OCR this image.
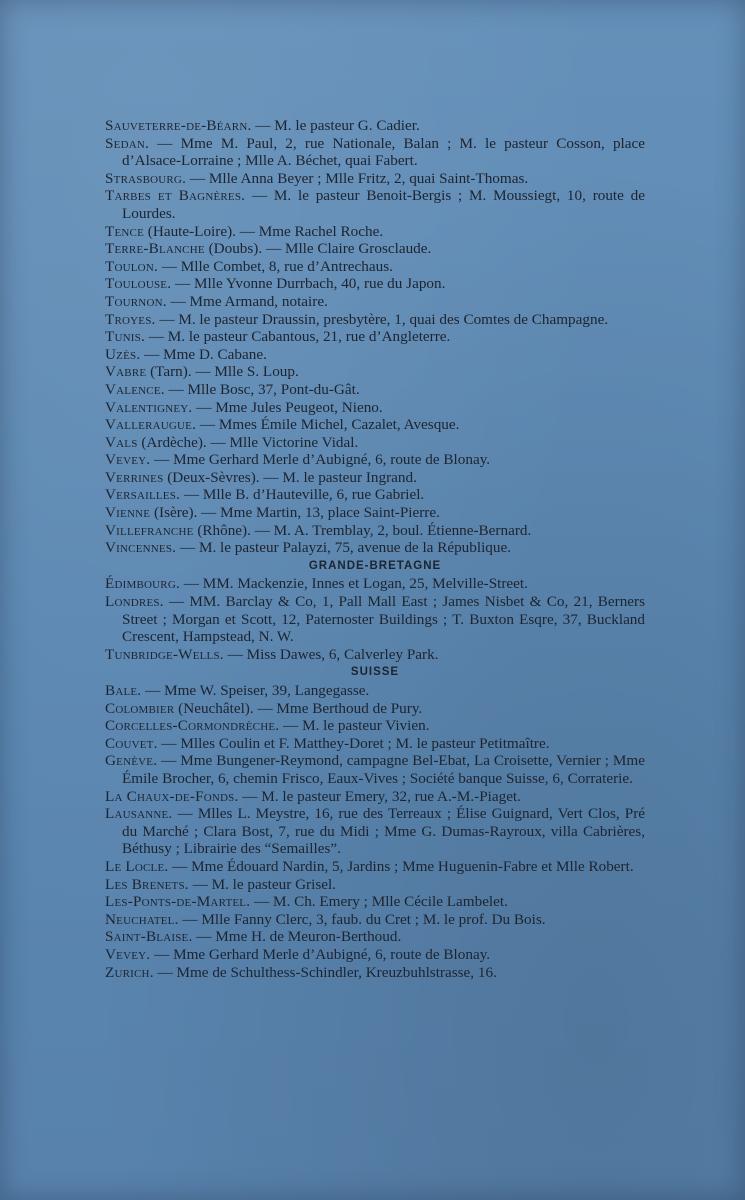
Sauveterre-de-Béarn. — M. le pasteur G. Cadier.
Sedan. — Mme M. Paul, 2, rue Nationale, Balan ; M. le pasteur Cosson, place d’Alsace-Lorraine ; Mlle A. Béchet, quai Fabert.
Strasbourg. — Mlle Anna Beyer ; Mlle Fritz, 2, quai Saint-Thomas.
Tarbes et Bagnères. — M. le pasteur Benoit-Bergis ; M. Moussiegt, 10, route de Lourdes.
Tence (Haute-Loire). — Mme Rachel Roche.
Terre-Blanche (Doubs). — Mlle Claire Grosclaude.
Toulon. — Mlle Combet, 8, rue d’Antrechaus.
Toulouse. — Mlle Yvonne Durrbach, 40, rue du Japon.
Tournon. — Mme Armand, notaire.
Troyes. — M. le pasteur Draussin, presbytère, 1, quai des Comtes de Champagne.
Tunis. — M. le pasteur Cabantous, 21, rue d’Angleterre.
Uzès. — Mme D. Cabane.
Vabre (Tarn). — Mlle S. Loup.
Valence. — Mlle Bosc, 37, Pont-du-Gât.
Valentigney. — Mme Jules Peugeot, Nieno.
Valleraugue. — Mmes Émile Michel, Cazalet, Avesque.
Vals (Ardèche). — Mlle Victorine Vidal.
Vevey. — Mme Gerhard Merle d’Aubigné, 6, route de Blonay.
Verrines (Deux-Sèvres). — M. le pasteur Ingrand.
Versailles. — Mlle B. d’Hauteville, 6, rue Gabriel.
Vienne (Isère). — Mme Martin, 13, place Saint-Pierre.
Villefranche (Rhône). — M. A. Tremblay, 2, boul. Étienne-Bernard.
Vincennes. — M. le pasteur Palayzi, 75, avenue de la République.
GRANDE-BRETAGNE
Édimbourg. — MM. Mackenzie, Innes et Logan, 25, Melville-Street.
Londres. — MM. Barclay & Co, 1, Pall Mall East ; James Nisbet & Co, 21, Berners Street ; Morgan et Scott, 12, Paternoster Buildings ; T. Buxton Esqre, 37, Buckland Crescent, Hampstead, N. W.
Tunbridge-Wells. — Miss Dawes, 6, Calverley Park.
SUISSE
Bale. — Mme W. Speiser, 39, Langegasse.
Colombier (Neuchâtel). — Mme Berthoud de Pury.
Corcelles-Cormondrèche. — M. le pasteur Vivien.
Couvet. — Mlles Coulin et F. Matthey-Doret ; M. le pasteur Petitmaître.
Genève. — Mme Bungener-Reymond, campagne Bel-Ebat, La Croisette, Vernier ; Mme Émile Brocher, 6, chemin Frisco, Eaux-Vives ; Société banque Suisse, 6, Corraterie.
La Chaux-de-Fonds. — M. le pasteur Emery, 32, rue A.-M.-Piaget.
Lausanne. — Mlles L. Meystre, 16, rue des Terreaux ; Élise Guignard, Vert Clos, Pré du Marché ; Clara Bost, 7, rue du Midi ; Mme G. Dumas-Rayroux, villa Cabrières, Béthusy ; Librairie des “Semailles”.
Le Locle. — Mme Édouard Nardin, 5, Jardins ; Mme Huguenin-Fabre et Mlle Robert.
Les Brenets. — M. le pasteur Grisel.
Les-Ponts-de-Martel. — M. Ch. Emery ; Mlle Cécile Lambelet.
Neuchatel. — Mlle Fanny Clerc, 3, faub. du Cret ; M. le prof. Du Bois.
Saint-Blaise. — Mme H. de Meuron-Berthoud.
Vevey. — Mme Gerhard Merle d’Aubigné, 6, route de Blonay.
Zurich. — Mme de Schulthess-Schindler, Kreuzbuhlstrasse, 16.
